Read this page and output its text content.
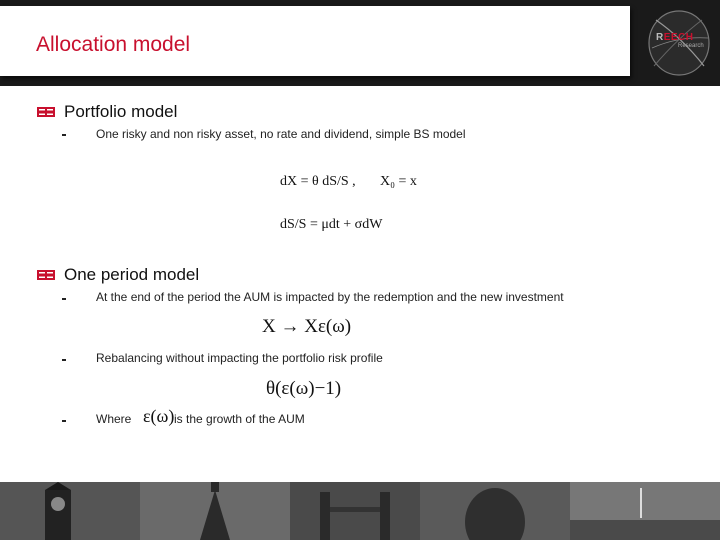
Allocation model	REECH
Research
Portfolio model
One risky and non risky asset, no rate and dividend, simple BS model
dX = θ dS/S , X₀ = x
dS/S = μdt + σdW
One period model
At the end of the period the AUM is impacted by the redemption and the new investment
X → Xε(ω)
Rebalancing without impacting the portfolio risk profile
θ(ε(ω)−1)
Where ε(ω) is the growth of the AUM
